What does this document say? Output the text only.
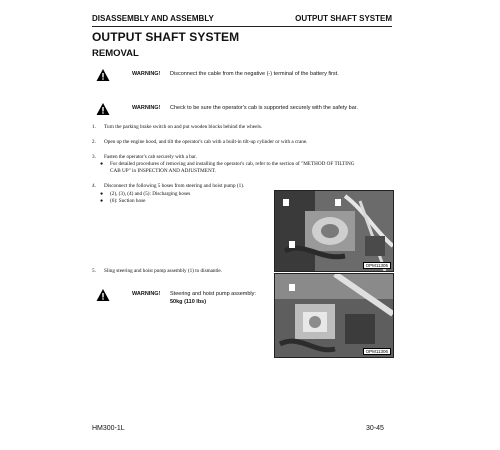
DISASSEMBLY AND ASSEMBLY	OUTPUT SHAFT SYSTEM
OUTPUT SHAFT SYSTEM
REMOVAL
WARNING! Disconnect the cable from the negative (-) terminal of the battery first.
WARNING! Check to be sure the operator's cab is supported securely with the safety bar.
1. Turn the parking brake switch on and put wooden blocks behind the wheels.
2. Open up the engine hood, and tilt the operator's cab with a built-in tilt-up cylinder or with a crane.
3. Fasten the operator's cab securely with a bar.
● For detailed procedures of removing and installing the operator's cab, refer to the section of "METHOD OF TILTING
CAB UP" in INSPECTION AND ADJUSTMENT.
4. Disconnect the following 5 hoses from steering and hoist pump (1).
● (2), (3), (4) and (5): Discharging hoses
● (6): Suction hose
OPM11305
5. Sling steering and hoist pump assembly (1) to dismantle.
WARNING! Steering and hoist pump assembly:
50kg (110 lbs)
OPM11306
HM300-1L	30-45
